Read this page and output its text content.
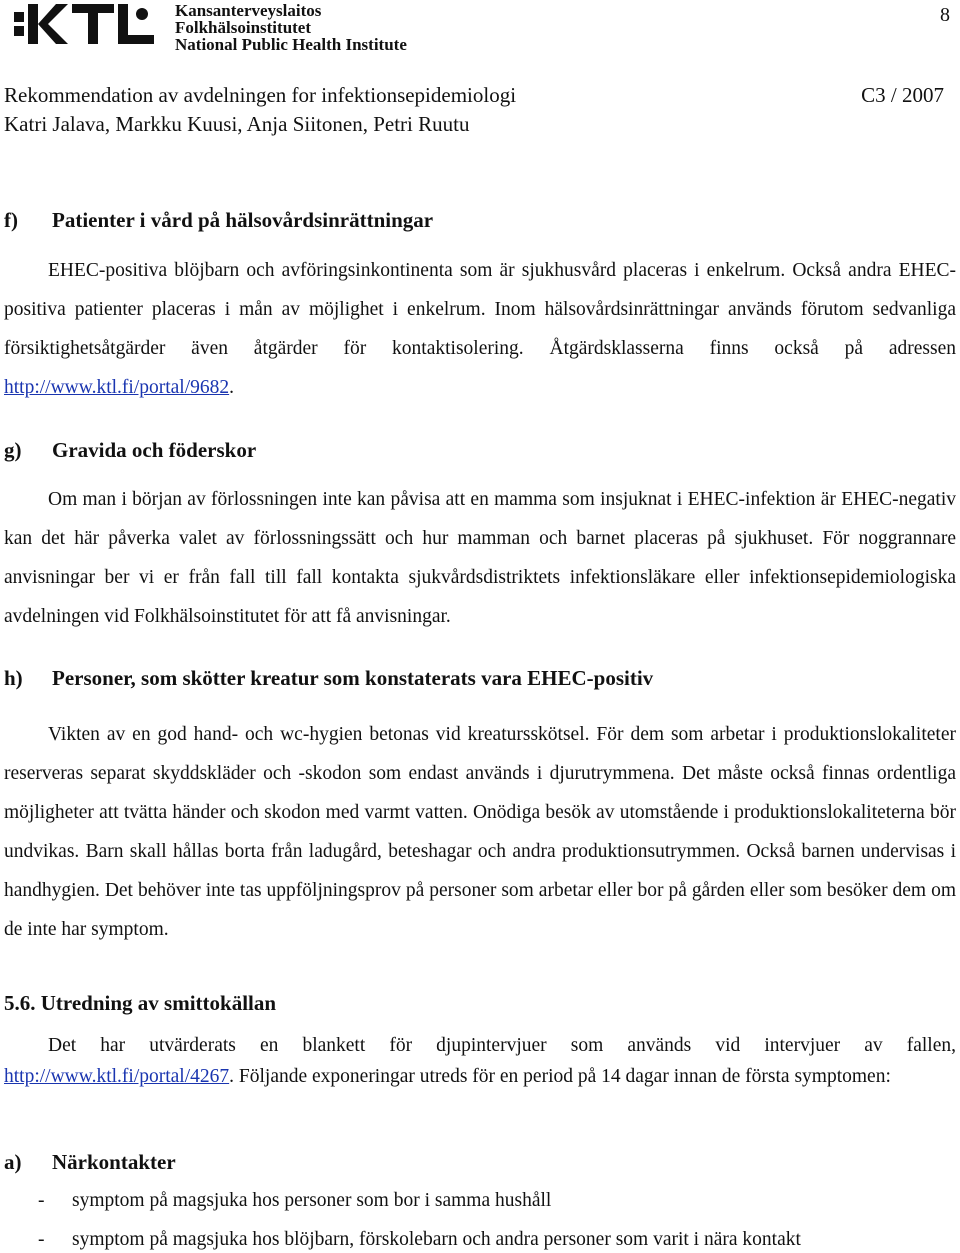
Kansanterveyslaitos
Folkhälsoinstitutet
National Public Health Institute
8
Rekommendation av avdelningen for infektionsepidemiologi	C3 / 2007
Katri Jalava, Markku Kuusi, Anja Siitonen, Petri Ruutu
f) Patienter i vård på hälsovårdsinrättningar
EHEC-positiva blöjbarn och avföringsinkontinenta som är sjukhusvård placeras i enkelrum. Också andra EHEC-positiva patienter placeras i mån av möjlighet i enkelrum. Inom hälsovårdsinrättningar används förutom sedvanliga försiktighetsåtgärder även åtgärder för kontaktisolering. Åtgärdsklasserna finns också på adressen http://www.ktl.fi/portal/9682.
g) Gravida och föderskor
Om man i början av förlossningen inte kan påvisa att en mamma som insjuknat i EHEC-infektion är EHEC-negativ kan det här påverka valet av förlossningssätt och hur mamman och barnet placeras på sjukhuset. För noggrannare anvisningar ber vi er från fall till fall kontakta sjukvårdsdistriktets infektionsläkare eller infektionsepidemiologiska avdelningen vid Folkhälsoinstitutet för att få anvisningar.
h) Personer, som skötter kreatur som konstaterats vara EHEC-positiv
Vikten av en god hand- och wc-hygien betonas vid kreatursskötsel. För dem som arbetar i produktionslokaliteter reserveras separat skyddskläder och -skodon som endast används i djurutrymmena. Det måste också finnas ordentliga möjligheter att tvätta händer och skodon med varmt vatten. Onödiga besök av utomstående i produktionslokaliteterna bör undvikas. Barn skall hållas borta från ladugård, beteshagar och andra produktionsutrymmen. Också barnen undervisas i handhygien. Det behöver inte tas uppföljningsprov på personer som arbetar eller bor på gården eller som besöker dem om de inte har symptom.
5.6. Utredning av smittokällan
Det har utvärderats en blankett för djupintervjuer som används vid intervjuer av fallen, http://www.ktl.fi/portal/4267. Följande exponeringar utreds för en period på 14 dagar innan de första symptomen:
a) Närkontakter
- symptom på magsjuka hos personer som bor i samma hushåll
- symptom på magsjuka hos blöjbarn, förskolebarn och andra personer som varit i nära kontakt
